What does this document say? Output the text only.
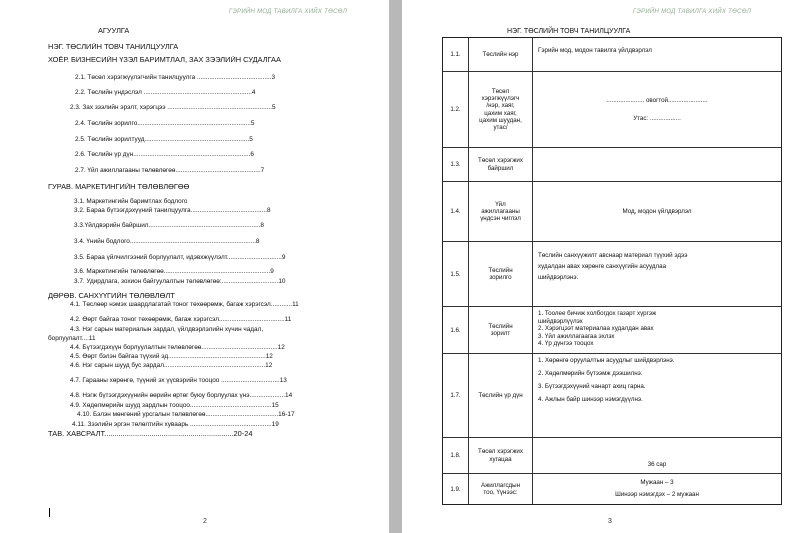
ГЭРИЙН МОД ТАВИЛГА ХИЙХ ТӨСӨЛ
АГУУЛГА
НЭГ. ТӨСЛИЙН ТОВЧ ТАНИЛЦУУЛГА
ХОЁР. БИЗНЕСИЙН ҮЗЭЛ БАРИМТЛАЛ, ЗАХ ЗЭЭЛИЙН СУДАЛГАА
2.1. Төсөл хэрэгжүүлэгчийн танилцуулга ..........................................3
2.2. Төслийн үндэслэл .............................................................4
2.3. Зах зээлийн эрэлт, хэрэгцээ ...........................................................5
2.4. Төслийн зорилго................................................................5
2.5. Төслийн зорилтууд...........................................................5
2.6. Төслийн үр дүн..................................................................6
2.7. Үйл ажиллагааны төлөвлөгөө................................................7
ГУРАВ. МАРКЕТИНГИЙН ТӨЛӨВЛӨГӨӨ
3.1. Маркетингийн баримтлах бодлого
3.2. Бараа бүтээгдэхүүний танилцуулга...........................................8
3.3.Үйлдвэрийн байршил...............................................................8
3.4. Үнийн бодлого.......................................................................8
3.5. Бараа үйлчилгээний борлуулалт, идэвхжүүлэлт...............................9
3.6. Маркетингийн төлөвлөгөө............................................................9
3.7. Удирдлага, зохион байгуулалтын төлөвлөгөө:................................10
ДӨРӨВ. САНХҮҮГИЙН ТӨЛӨВЛӨЛТ
4.1. Төслөөр нэмэх шаардлагатай тоног төхөөрөмж, багаж хэрэгсэл............11
4.2. Өөрт байгаа тоног төхөөрөмж, багаж хэрэгсэл.....................................11
4.3. Нэг сарын материалын зардал, үйлдвэрлэлийн хүчин чадал,
борлуулалт....11
4.4. Бүтээгдэхүүн борлуулалтын төлөвлөгөө...........................................12
4.5. Өөрт бэлэн байгаа түүхий эд.......................................................12
4.6. Нэг сарын шууд бус зардал.........................................................12
4.7. Гарааны хөрөнгө, түүний эх үүсвэрийн тооцоо .................................13
4.8. Нэгж бүтээгдэхүүнийн өөрийн өртөг буюу борлуулах үнэ....................14
4.9. Хөдөлмөрийн шууд зардлын тооцоо..............................................15
4.10. Бэлэн мөнгөний урсгалын төлөвлөгөө.........................................16-17
4.11. Зээлийн эргэн төлөлтийн хуваарь ..............................................19
ТАВ. ХАВСРАЛТ...............................................................20-24
2
ГЭРИЙН МОД ТАВИЛГА ХИЙХ ТӨСӨЛ
НЭГ. ТӨСЛИЙН ТОВЧ ТАНИЛЦУУЛГА
1.1.	Төслийн нэр
Гэрийн мод, модон тавилга үйлдвэрлэл
1.2.
Төсөл
хэрэгжүүлэгч
/нэр, хаяг,
цахим хаяг,
цахим шуудан,
утас/
...................... овогтой.......................
Утас: ..................
1.3.
Төсөл хэрэгжих
байршил
1.4.
Үйл
ажиллагааны
үндсэн чиглэл
Мод, модон үйлдвэрлэл
1.5.
Төслийн
зорилго
Төслийн санхүүжилт авснаар материал түүхий эдээ
худалдан авах хөрөнге санхүүгийн асуудлаа
шийдвэрлэнэ.
1.6.
Төслийн
зорилт
1. Тоолее бичиж холбогдох газарт хүргэж
шийдвэрлүүлэх
2. Хэрэгцээт материалаа худалдан авах
3. Үйл ажиллагаагаа эхлэх
4. Үр дүнгээ тооцох
1.7.	Төслийн үр дүн
1. Хөрөнгө оруулалтын асуудлыг шийдвэрлэнэ.
2. Хөдөлмөрийн бүтээмж дээшилнэ.
3. Бүтээгдэхүүний чанарт ахиц гарна.
4. Ажлын байр шинээр нэмэгдүүлнэ.
1.8.
Төсөл хэрэгжих
хугацаа
36 сар
1.9.
Ажиллагсдын
тоо, Үүнээс:
Мужаан – 3
Шинээр нэмэгдэх – 2 мужаан
3
